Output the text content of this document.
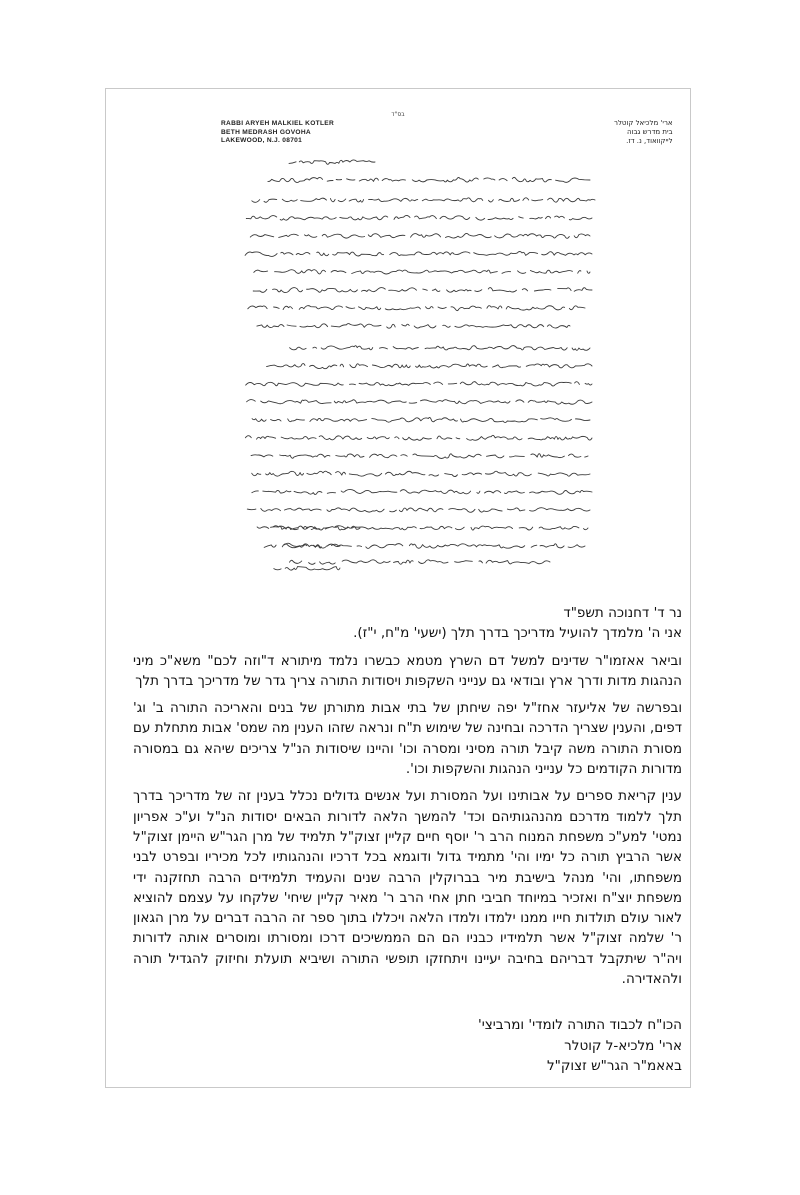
בס"ד
RABBI ARYEH MALKIEL KOTLER
BETH MEDRASH GOVOHA
LAKEWOOD, N.J. 08701
ארי' מלכיאל קוטלר
בית מדרש גבוה
לייקוואוד, נ. דז.

נר ד' דחנוכה תשפ"ד

אני ה' מלמדך להועיל מדריכך בדרך תלך (ישעי' מ"ח, י"ז).

וביאר אאזמו"ר שדינים למשל דם השרץ מטמא כבשרו נלמד מיתורא ד"וזה לכם" משא"כ מיני הנהגות מדות ודרך ארץ ובודאי גם ענייני השקפות ויסודות התורה צריך גדר של מדריכך בדרך תלך

ובפרשה של אליעזר אחז"ל יפה שיחתן של בתי אבות מתורתן של בנים והאריכה התורה ב' וג' דפים, והענין שצריך הדרכה ובחינה של שימוש ת"ח ונראה שזהו הענין מה שמס' אבות מתחלת עם מסורת התורה משה קיבל תורה מסיני ומסרה וכו' והיינו שיסודות הנ"ל צריכים שיהא גם במסורה מדורות הקודמים כל ענייני הנהגות והשקפות וכו'.

ענין קריאת ספרים על אבותינו ועל המסורת ועל אנשים גדולים נכלל בענין זה של מדריכך בדרך תלך ללמוד מדרכם מהנהגותיהם וכד' להמשך הלאה לדורות הבאים יסודות הנ"ל וע"כ אפריון נמטי' למע"כ משפחת המנוח הרב ר' יוסף חיים קליין זצוק"ל תלמיד של מרן הגר"ש היימן זצוק"ל אשר הרביץ תורה כל ימיו והי' מתמיד גדול ודוגמא בכל דרכיו והנהגותיו לכל מכיריו ובפרט לבני משפחתו, והי' מנהל בישיבת מיר בברוקלין הרבה שנים והעמיד תלמידים הרבה תחזקנה ידי משפחת יוצ"ח ואזכיר במיוחד חביבי חתן אחי הרב ר' מאיר קליין שיחי' שלקחו על עצמם להוציא לאור עולם תולדות חייו ממנו ילמדו ולמדו הלאה ויכללו בתוך ספר זה הרבה דברים על מרן הגאון ר' שלמה זצוק"ל אשר תלמידיו כבניו הם הם הממשיכים דרכו ומסורתו ומוסרים אותה לדורות ויה"ר שיתקבל דבריהם בחיבה יעיינו ויתחזקו תופשי התורה ושיביא תועלת וחיזוק להגדיל תורה ולהאדירה.

הכו"ח לכבוד התורה לומדי' ומרביצי'
ארי' מלכיא-ל קוטלר
באאמ"ר הגר"ש זצוק"ל
